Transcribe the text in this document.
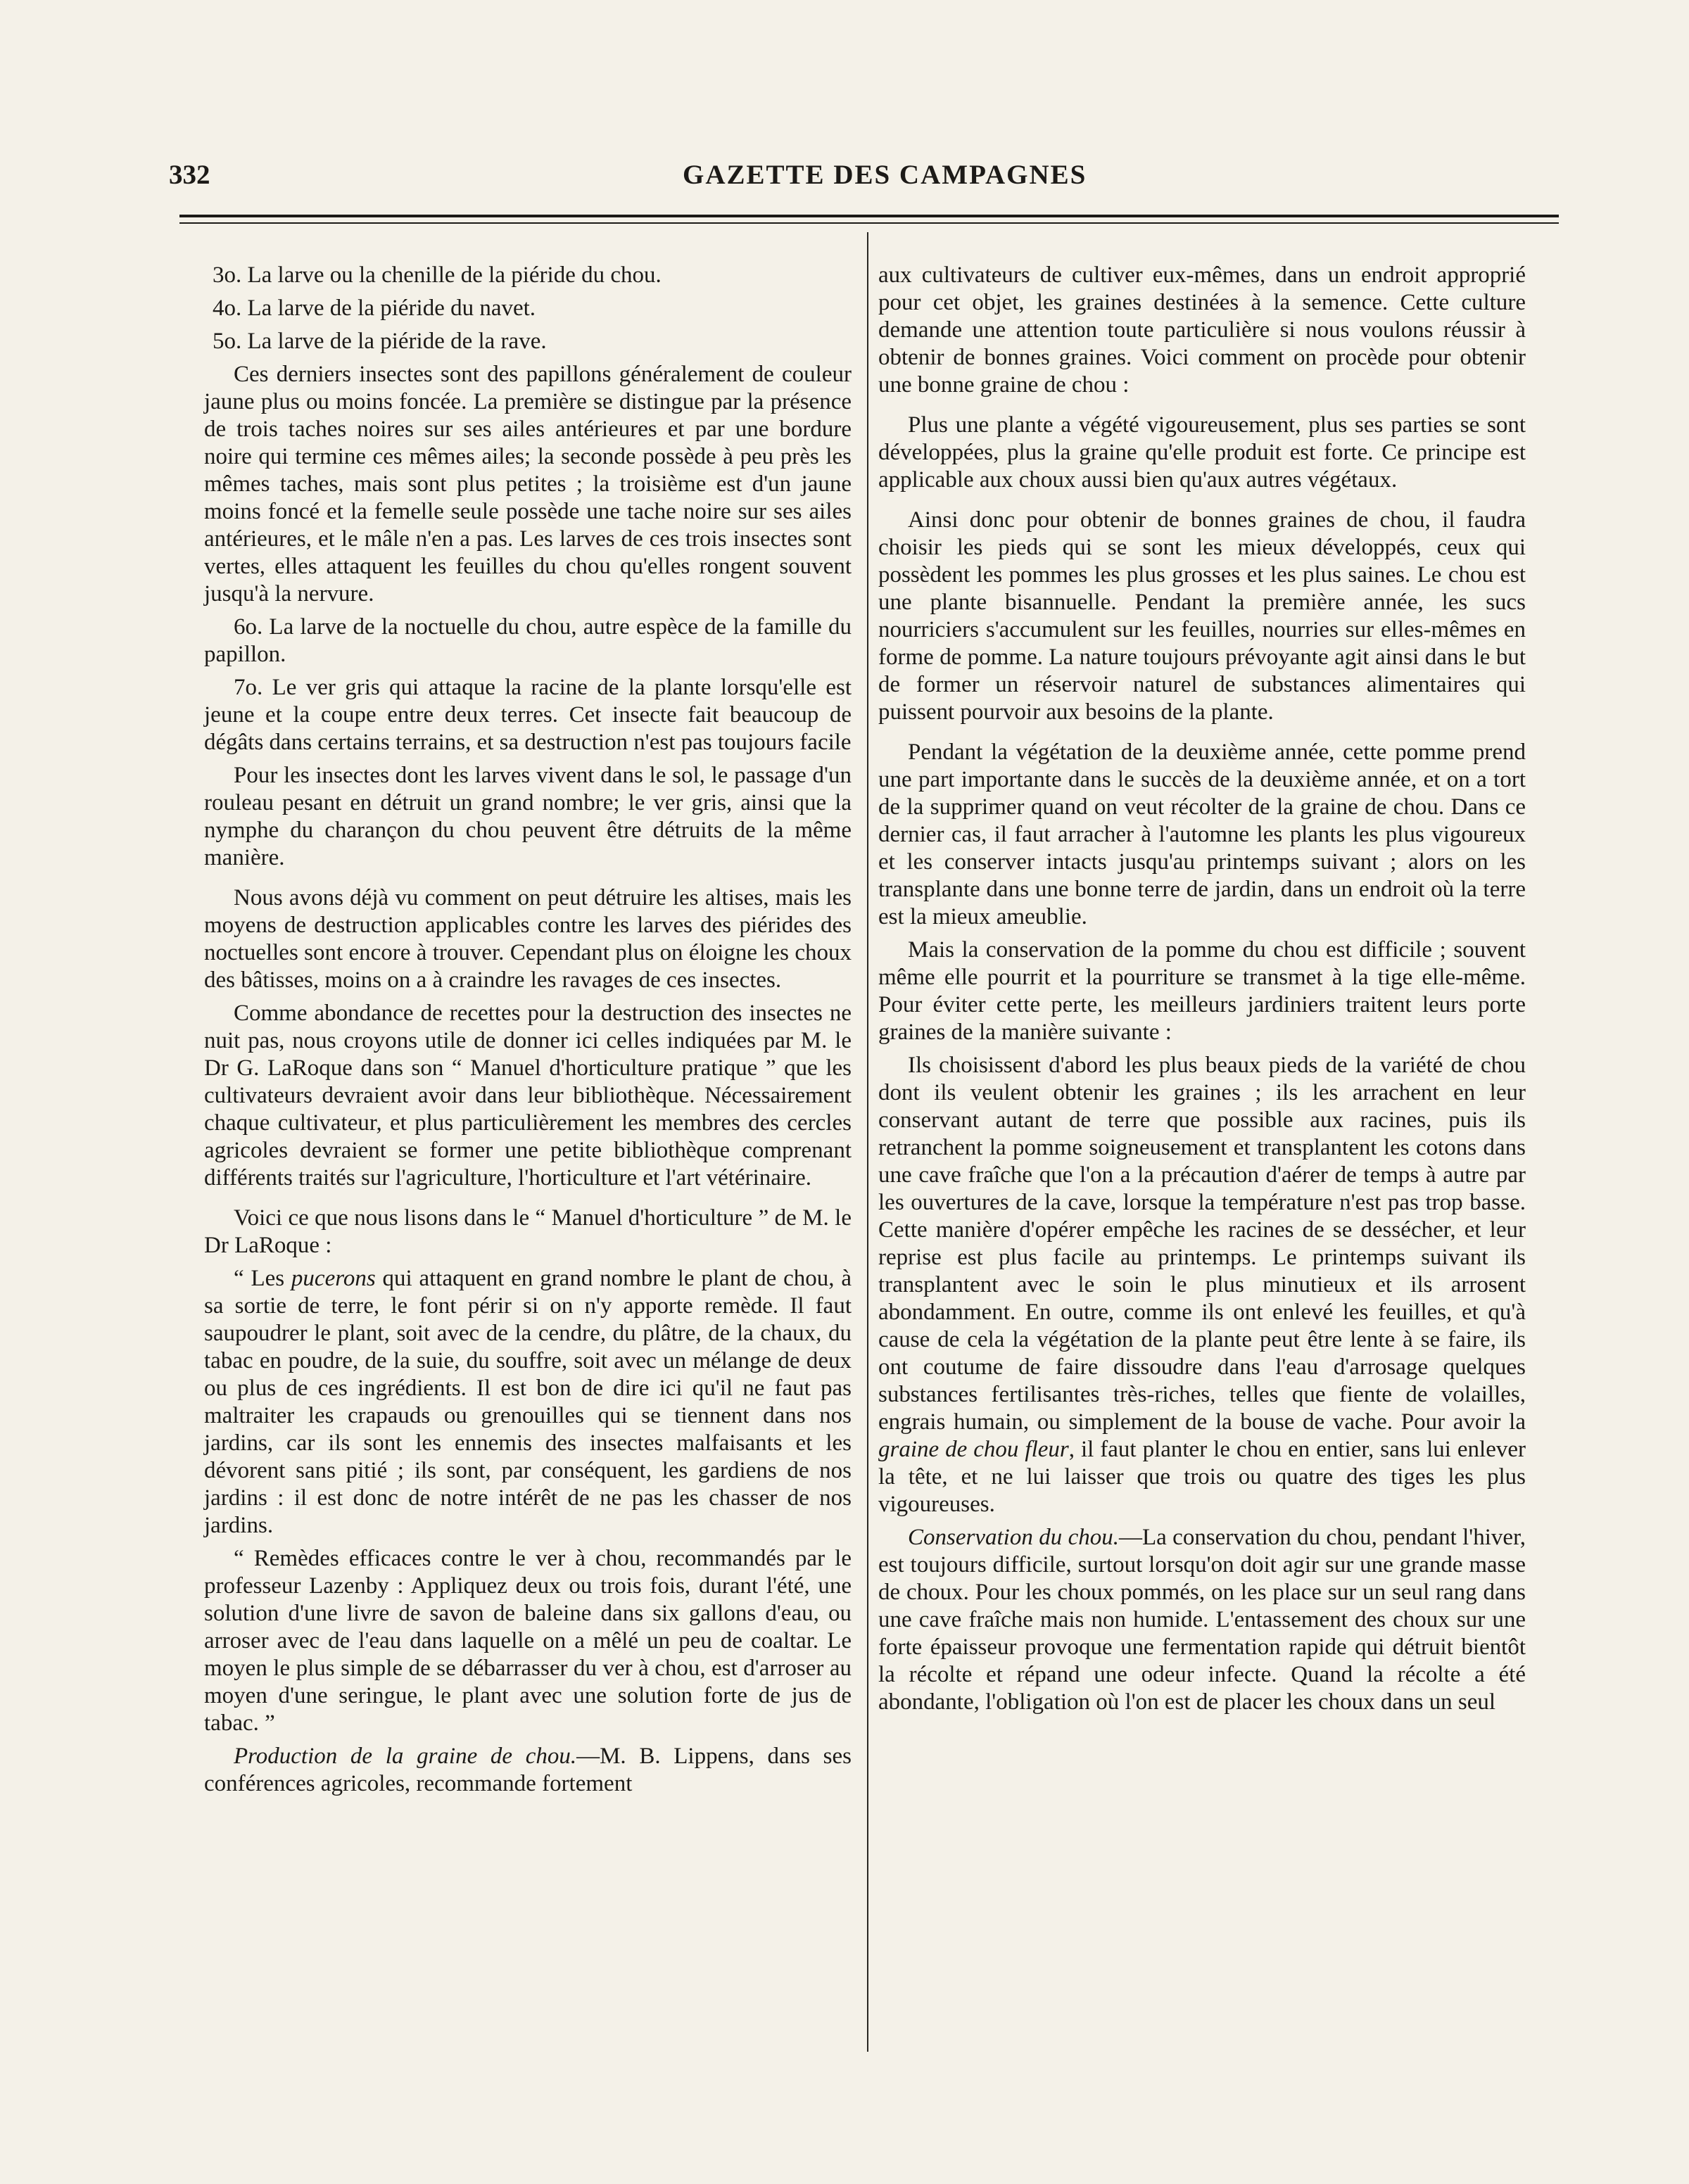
332	GAZETTE DES CAMPAGNES

3o. La larve ou la chenille de la piéride du chou.

4o. La larve de la piéride du navet.

5o. La larve de la piéride de la rave.

Ces derniers insectes sont des papillons généralement de couleur jaune plus ou moins foncée. La première se distingue par la présence de trois taches noires sur ses ailes antérieures et par une bordure noire qui termine ces mêmes ailes; la seconde possède à peu près les mêmes taches, mais sont plus petites ; la troisième est d'un jaune moins foncé et la femelle seule possède une tache noire sur ses ailes antérieures, et le mâle n'en a pas. Les larves de ces trois insectes sont vertes, elles attaquent les feuilles du chou qu'elles rongent souvent jusqu'à la nervure.

6o. La larve de la noctuelle du chou, autre espèce de la famille du papillon.

7o. Le ver gris qui attaque la racine de la plante lorsqu'elle est jeune et la coupe entre deux terres. Cet insecte fait beaucoup de dégâts dans certains terrains, et sa destruction n'est pas toujours facile

Pour les insectes dont les larves vivent dans le sol, le passage d'un rouleau pesant en détruit un grand nombre; le ver gris, ainsi que la nymphe du charançon du chou peuvent être détruits de la même manière.

Nous avons déjà vu comment on peut détruire les altises, mais les moyens de destruction applicables contre les larves des piérides des noctuelles sont encore à trouver. Cependant plus on éloigne les choux des bâtisses, moins on a à craindre les ravages de ces insectes.

Comme abondance de recettes pour la destruction des insectes ne nuit pas, nous croyons utile de donner ici celles indiquées par M. le Dr G. LaRoque dans son “ Manuel d'horticulture pratique ” que les cultivateurs devraient avoir dans leur bibliothèque. Nécessairement chaque cultivateur, et plus particulièrement les membres des cercles agricoles devraient se former une petite bibliothèque comprenant différents traités sur l'agriculture, l'horticulture et l'art vétérinaire.

Voici ce que nous lisons dans le “ Manuel d'horticulture ” de M. le Dr LaRoque :

“ Les pucerons qui attaquent en grand nombre le plant de chou, à sa sortie de terre, le font périr si on n'y apporte remède. Il faut saupoudrer le plant, soit avec de la cendre, du plâtre, de la chaux, du tabac en poudre, de la suie, du souffre, soit avec un mélange de deux ou plus de ces ingrédients. Il est bon de dire ici qu'il ne faut pas maltraiter les crapauds ou grenouilles qui se tiennent dans nos jardins, car ils sont les ennemis des insectes malfaisants et les dévorent sans pitié ; ils sont, par conséquent, les gardiens de nos jardins : il est donc de notre intérêt de ne pas les chasser de nos jardins.

“ Remèdes efficaces contre le ver à chou, recommandés par le professeur Lazenby : Appliquez deux ou trois fois, durant l'été, une solution d'une livre de savon de baleine dans six gallons d'eau, ou arroser avec de l'eau dans laquelle on a mêlé un peu de coaltar. Le moyen le plus simple de se débarrasser du ver à chou, est d'arroser au moyen d'une seringue, le plant avec une solution forte de jus de tabac. ”

Production de la graine de chou.—M. B. Lippens, dans ses conférences agricoles, recommande fortement

aux cultivateurs de cultiver eux-mêmes, dans un endroit approprié pour cet objet, les graines destinées à la semence. Cette culture demande une attention toute particulière si nous voulons réussir à obtenir de bonnes graines. Voici comment on procède pour obtenir une bonne graine de chou :

Plus une plante a végété vigoureusement, plus ses parties se sont développées, plus la graine qu'elle produit est forte. Ce principe est applicable aux choux aussi bien qu'aux autres végétaux.

Ainsi donc pour obtenir de bonnes graines de chou, il faudra choisir les pieds qui se sont les mieux développés, ceux qui possèdent les pommes les plus grosses et les plus saines. Le chou est une plante bisannuelle. Pendant la première année, les sucs nourriciers s'accumulent sur les feuilles, nourries sur elles-mêmes en forme de pomme. La nature toujours prévoyante agit ainsi dans le but de former un réservoir naturel de substances alimentaires qui puissent pourvoir aux besoins de la plante.

Pendant la végétation de la deuxième année, cette pomme prend une part importante dans le succès de la deuxième année, et on a tort de la supprimer quand on veut récolter de la graine de chou. Dans ce dernier cas, il faut arracher à l'automne les plants les plus vigoureux et les conserver intacts jusqu'au printemps suivant ; alors on les transplante dans une bonne terre de jardin, dans un endroit où la terre est la mieux ameublie.

Mais la conservation de la pomme du chou est difficile ; souvent même elle pourrit et la pourriture se transmet à la tige elle-même. Pour éviter cette perte, les meilleurs jardiniers traitent leurs porte graines de la manière suivante :

Ils choisissent d'abord les plus beaux pieds de la variété de chou dont ils veulent obtenir les graines ; ils les arrachent en leur conservant autant de terre que possible aux racines, puis ils retranchent la pomme soigneusement et transplantent les cotons dans une cave fraîche que l'on a la précaution d'aérer de temps à autre par les ouvertures de la cave, lorsque la température n'est pas trop basse. Cette manière d'opérer empêche les racines de se dessécher, et leur reprise est plus facile au printemps. Le printemps suivant ils transplantent avec le soin le plus minutieux et ils arrosent abondamment. En outre, comme ils ont enlevé les feuilles, et qu'à cause de cela la végétation de la plante peut être lente à se faire, ils ont coutume de faire dissoudre dans l'eau d'arrosage quelques substances fertilisantes très-riches, telles que fiente de volailles, engrais humain, ou simplement de la bouse de vache. Pour avoir la graine de chou fleur, il faut planter le chou en entier, sans lui enlever la tête, et ne lui laisser que trois ou quatre des tiges les plus vigoureuses.

Conservation du chou.—La conservation du chou, pendant l'hiver, est toujours difficile, surtout lorsqu'on doit agir sur une grande masse de choux. Pour les choux pommés, on les place sur un seul rang dans une cave fraîche mais non humide. L'entassement des choux sur une forte épaisseur provoque une fermentation rapide qui détruit bientôt la récolte et répand une odeur infecte. Quand la récolte a été abondante, l'obligation où l'on est de placer les choux dans un seul
